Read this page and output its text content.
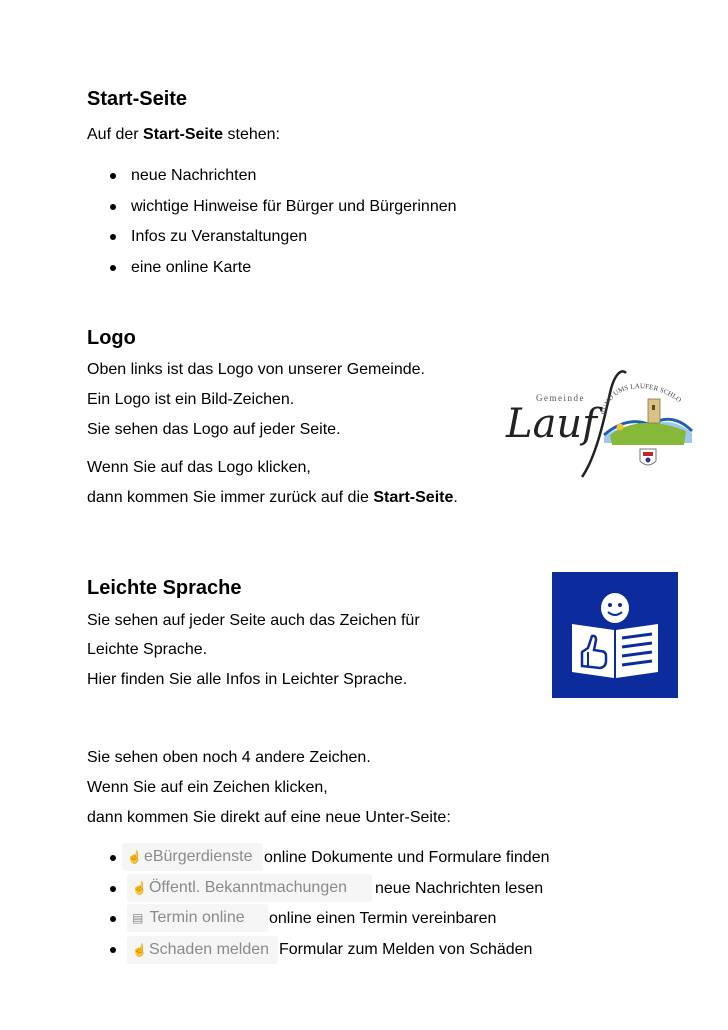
Start-Seite
Auf der Start-Seite stehen:
neue Nachrichten
wichtige Hinweise für Bürger und Bürgerinnen
Infos zu Veranstaltungen
eine online Karte
Logo
Oben links ist das Logo von unserer Gemeinde.
Ein Logo ist ein Bild-Zeichen.
Sie sehen das Logo auf jeder Seite.
Wenn Sie auf das Logo klicken,
dann kommen Sie immer zurück auf die Start-Seite.
Gemeinde
Lauf RUND UMS LAUFER SCHLO
Leichte Sprache
Sie sehen auf jeder Seite auch das Zeichen für
Leichte Sprache.
Hier finden Sie alle Infos in Leichter Sprache.
Sie sehen oben noch 4 andere Zeichen.
Wenn Sie auf ein Zeichen klicken,
dann kommen Sie direkt auf eine neue Unter-Seite:
☝ eBürgerdienste online Dokumente und Formulare finden
☝ Öffentl. Bekanntmachungen	neue Nachrichten lesen
▤ Termin online	online einen Termin vereinbaren
☝ Schaden melden Formular zum Melden von Schäden
